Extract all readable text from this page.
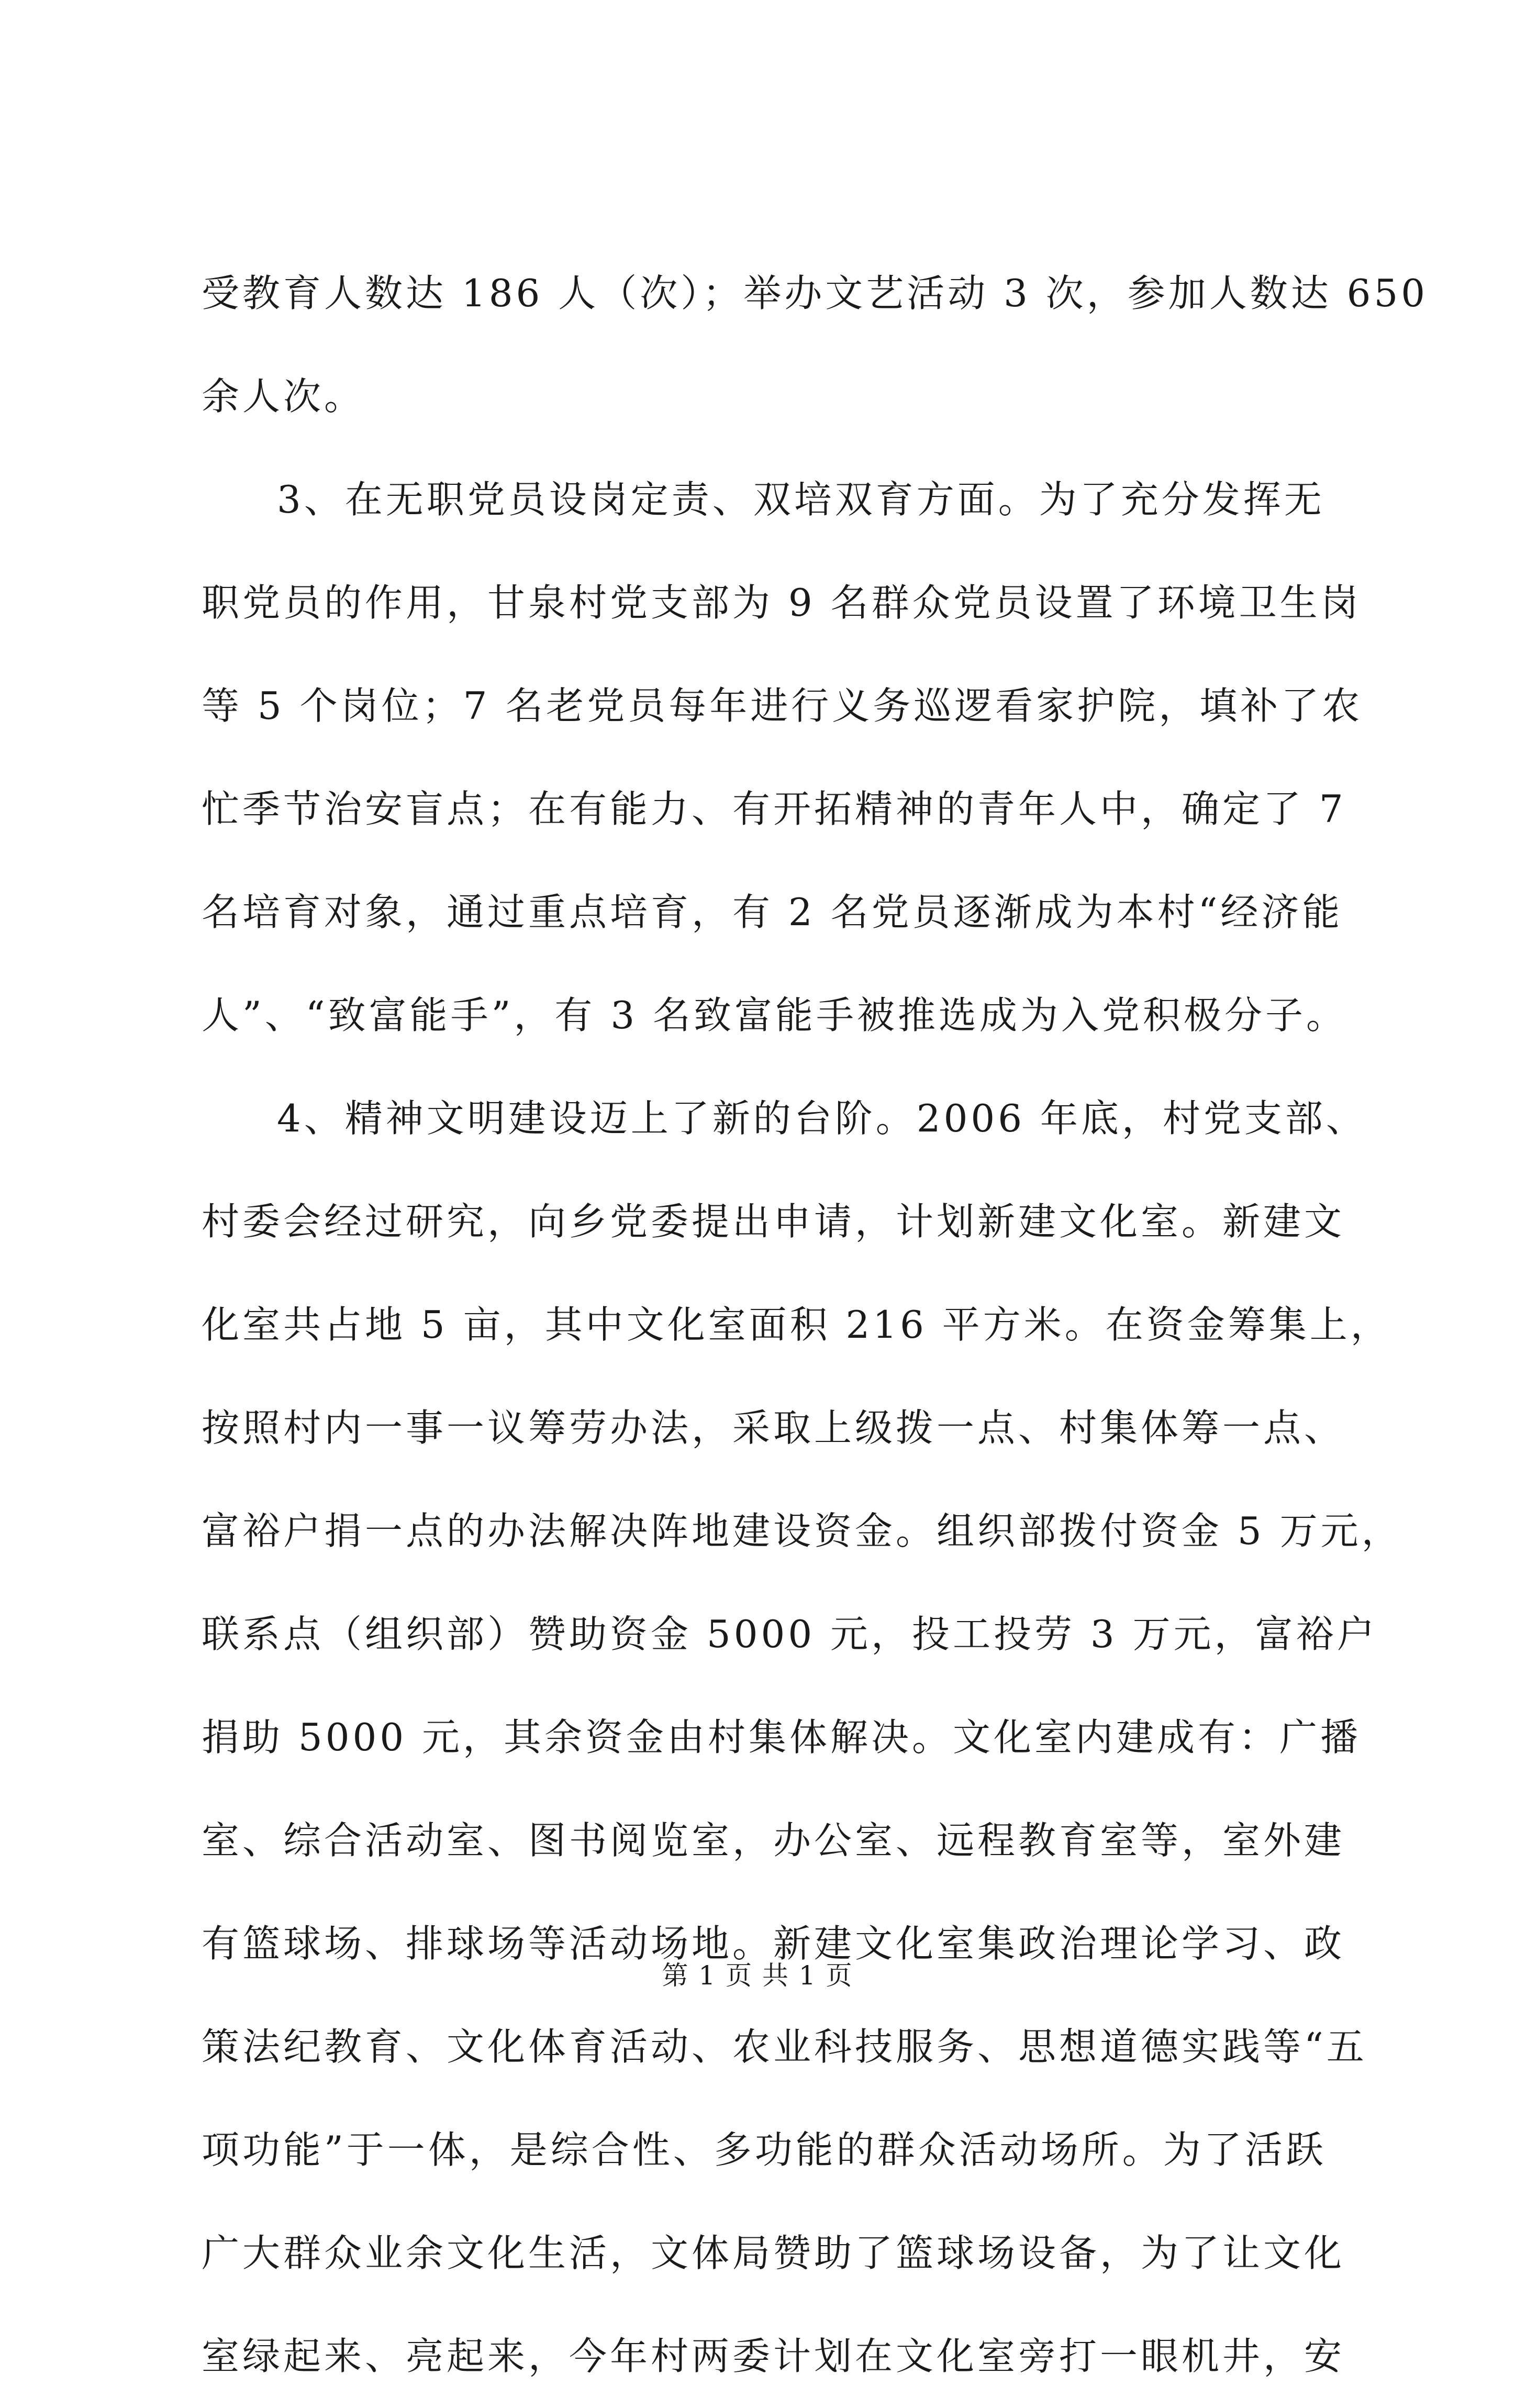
受教育人数达 186 人（次）；举办文艺活动 3 次，参加人数达 650
余人次。
3、在无职党员设岗定责、双培双育方面。为了充分发挥无
职党员的作用，甘泉村党支部为 9 名群众党员设置了环境卫生岗
等 5 个岗位；7 名老党员每年进行义务巡逻看家护院，填补了农
忙季节治安盲点；在有能力、有开拓精神的青年人中，确定了 7
名培育对象，通过重点培育，有 2 名党员逐渐成为本村“经济能
人”、“致富能手”，有 3 名致富能手被推选成为入党积极分子。
4、精神文明建设迈上了新的台阶。2006 年底，村党支部、
村委会经过研究，向乡党委提出申请，计划新建文化室。新建文
化室共占地 5 亩，其中文化室面积 216 平方米。在资金筹集上，
按照村内一事一议筹劳办法，采取上级拨一点、村集体筹一点、
富裕户捐一点的办法解决阵地建设资金。组织部拨付资金 5 万元，
联系点（组织部）赞助资金 5000 元，投工投劳 3 万元，富裕户
捐助 5000 元，其余资金由村集体解决。文化室内建成有：广播
室、综合活动室、图书阅览室，办公室、远程教育室等，室外建
有篮球场、排球场等活动场地。新建文化室集政治理论学习、政
策法纪教育、文化体育活动、农业科技服务、思想道德实践等“五
项功能”于一体，是综合性、多功能的群众活动场所。为了活跃
广大群众业余文化生活，文体局赞助了篮球场设备，为了让文化
室绿起来、亮起来，今年村两委计划在文化室旁打一眼机井，安
第 1 页 共 1 页
